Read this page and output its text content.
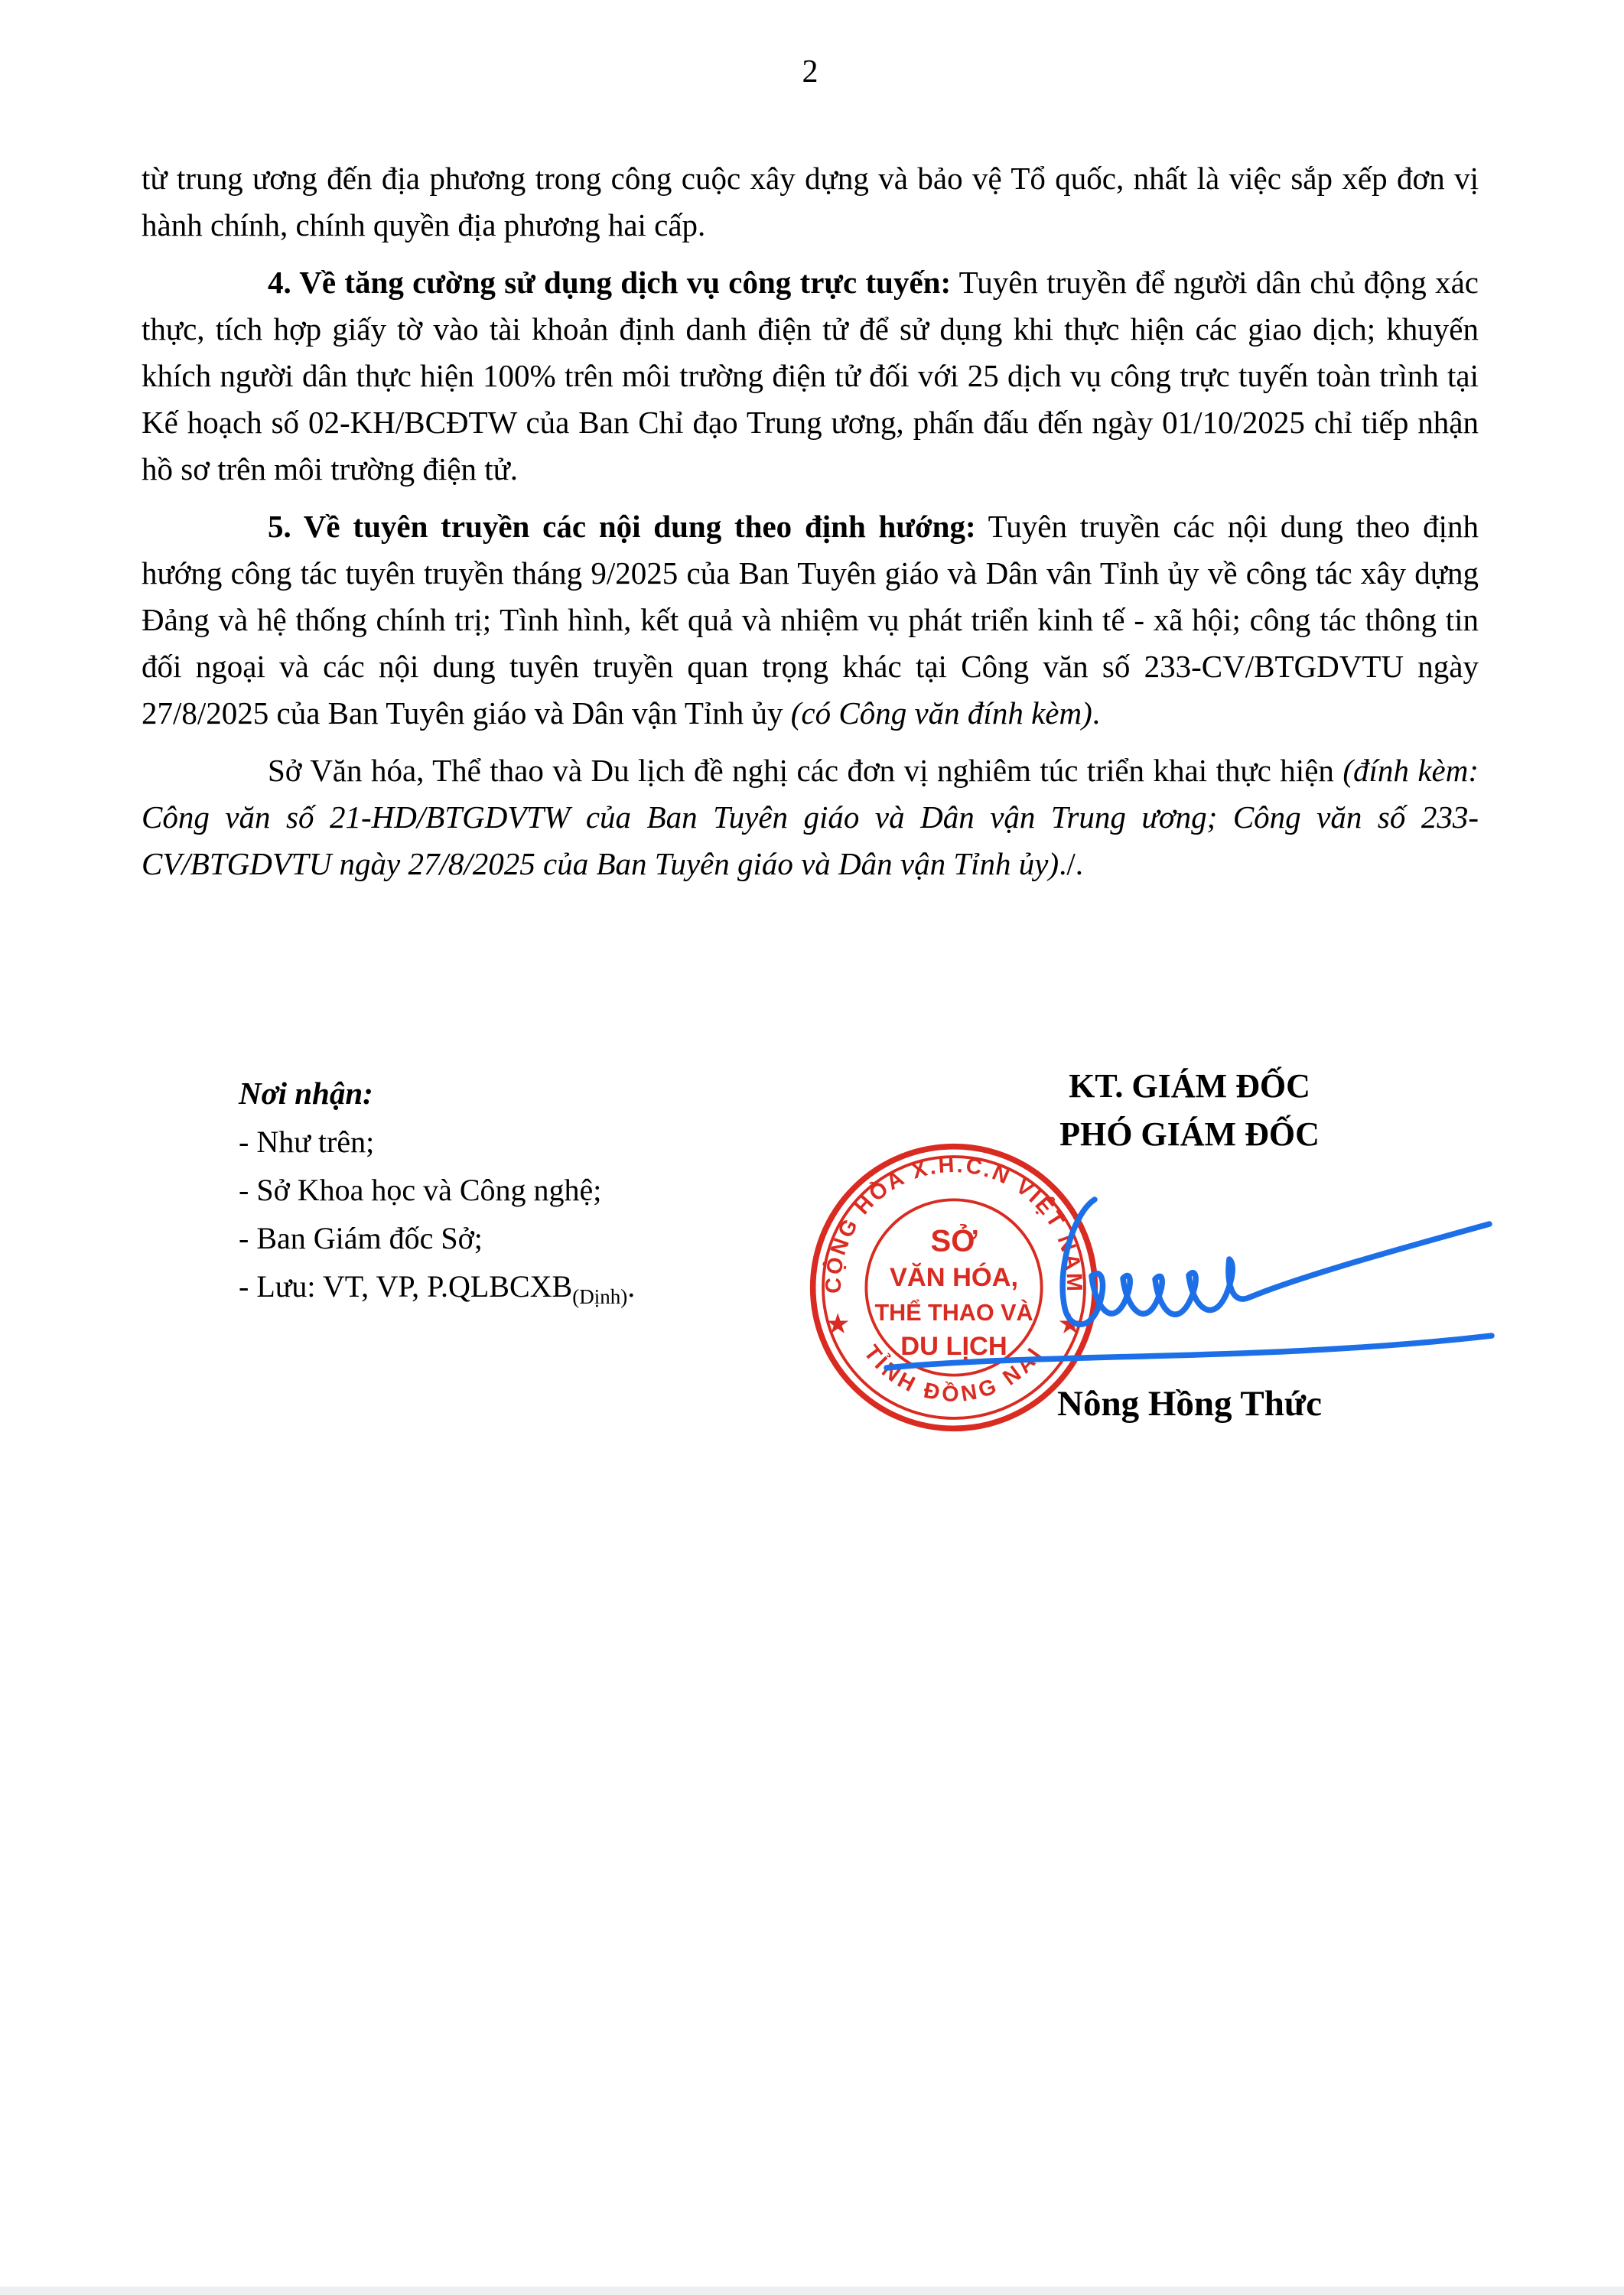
2

từ trung ương đến địa phương trong công cuộc xây dựng và bảo vệ Tổ quốc, nhất là việc sắp xếp đơn vị hành chính, chính quyền địa phương hai cấp.

4. Về tăng cường sử dụng dịch vụ công trực tuyến: Tuyên truyền để người dân chủ động xác thực, tích hợp giấy tờ vào tài khoản định danh điện tử để sử dụng khi thực hiện các giao dịch; khuyến khích người dân thực hiện 100% trên môi trường điện tử đối với 25 dịch vụ công trực tuyến toàn trình tại Kế hoạch số 02-KH/BCĐTW của Ban Chỉ đạo Trung ương, phấn đấu đến ngày 01/10/2025 chỉ tiếp nhận hồ sơ trên môi trường điện tử.

5. Về tuyên truyền các nội dung theo định hướng: Tuyên truyền các nội dung theo định hướng công tác tuyên truyền tháng 9/2025 của Ban Tuyên giáo và Dân vân Tỉnh ủy về công tác xây dựng Đảng và hệ thống chính trị; Tình hình, kết quả và nhiệm vụ phát triển kinh tế - xã hội; công tác thông tin đối ngoại và các nội dung tuyên truyền quan trọng khác tại Công văn số 233-CV/BTGDVTU ngày 27/8/2025 của Ban Tuyên giáo và Dân vận Tỉnh ủy (có Công văn đính kèm).

Sở Văn hóa, Thể thao và Du lịch đề nghị các đơn vị nghiêm túc triển khai thực hiện (đính kèm: Công văn số 21-HD/BTGDVTW của Ban Tuyên giáo và Dân vận Trung ương; Công văn số 233-CV/BTGDVTU ngày 27/8/2025 của Ban Tuyên giáo và Dân vận Tỉnh ủy)./.

Nơi nhận:
- Như trên;
- Sở Khoa học và Công nghệ;
- Ban Giám đốc Sở;
- Lưu: VT, VP, $P.QLBCXB_{(Dịnh)}$.
KT. GIÁM ĐỐC
PHÓ GIÁM ĐỐC
CỘNG HÒA X.H.C.N VIỆT NAM
TỈNH ĐỒNG NAI
★	★
SỞ
VĂN HÓA,
THỂ THAO VÀ
DU LỊCH
Nông Hồng Thức
